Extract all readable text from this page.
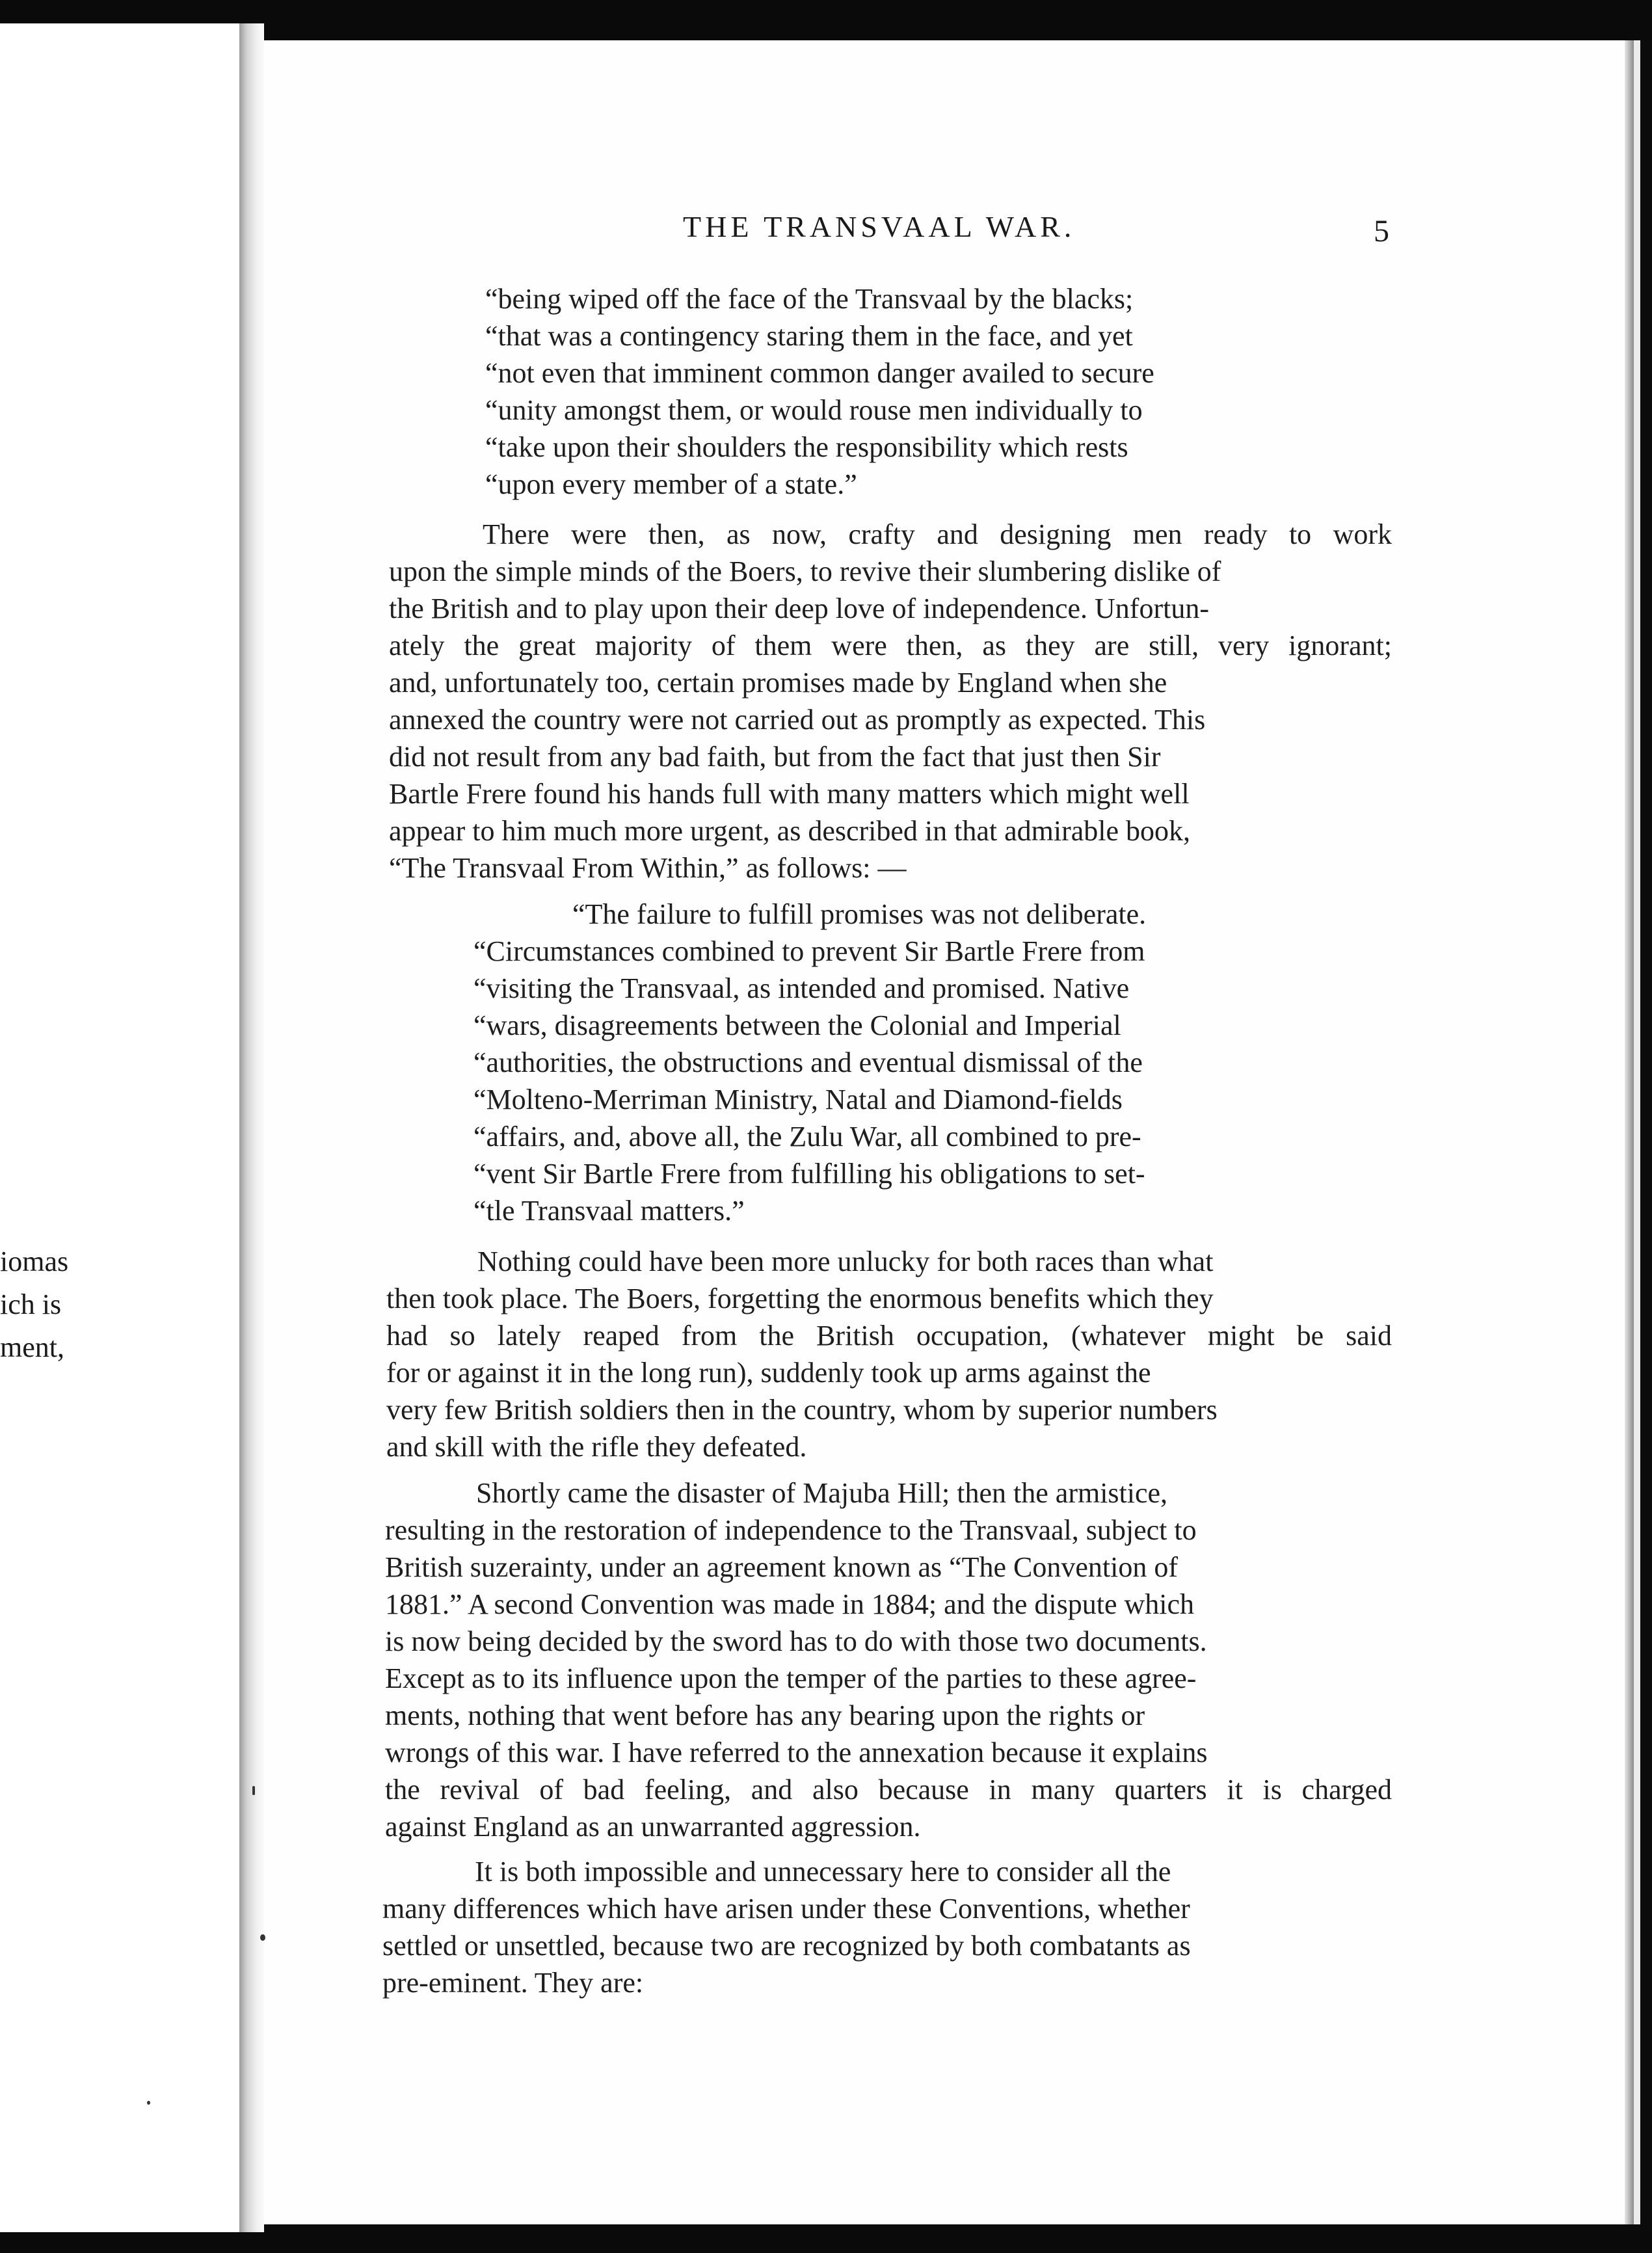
iomas
ich is
ment,
THE TRANSVAAL WAR.	5
“being wiped off the face of the Transvaal by the blacks;
“that was a contingency staring them in the face, and yet
“not even that imminent common danger availed to secure
“unity amongst them, or would rouse men individually to
“take upon their shoulders the responsibility which rests
“upon every member of a state.”
There were then, as now, crafty and designing men ready to work
upon the simple minds of the Boers, to revive their slumbering dislike of
the British and to play upon their deep love of independence. Unfortun-
ately the great majority of them were then, as they are still, very ignorant;
and, unfortunately too, certain promises made by England when she
annexed the country were not carried out as promptly as expected. This
did not result from any bad faith, but from the fact that just then Sir
Bartle Frere found his hands full with many matters which might well
appear to him much more urgent, as described in that admirable book,
“The Transvaal From Within,” as follows: —
“The failure to fulfill promises was not deliberate.
“Circumstances combined to prevent Sir Bartle Frere from
“visiting the Transvaal, as intended and promised. Native
“wars, disagreements between the Colonial and Imperial
“authorities, the obstructions and eventual dismissal of the
“Molteno-Merriman Ministry, Natal and Diamond-fields
“affairs, and, above all, the Zulu War, all combined to pre-
“vent Sir Bartle Frere from fulfilling his obligations to set-
“tle Transvaal matters.”
Nothing could have been more unlucky for both races than what
then took place. The Boers, forgetting the enormous benefits which they
had so lately reaped from the British occupation, (whatever might be said
for or against it in the long run), suddenly took up arms against the
very few British soldiers then in the country, whom by superior numbers
and skill with the rifle they defeated.
Shortly came the disaster of Majuba Hill; then the armistice,
resulting in the restoration of independence to the Transvaal, subject to
British suzerainty, under an agreement known as “The Convention of
1881.” A second Convention was made in 1884; and the dispute which
is now being decided by the sword has to do with those two documents.
Except as to its influence upon the temper of the parties to these agree-
ments, nothing that went before has any bearing upon the rights or
wrongs of this war. I have referred to the annexation because it explains
the revival of bad feeling, and also because in many quarters it is charged
against England as an unwarranted aggression.
It is both impossible and unnecessary here to consider all the
many differences which have arisen under these Conventions, whether
settled or unsettled, because two are recognized by both combatants as
pre-eminent. They are:
